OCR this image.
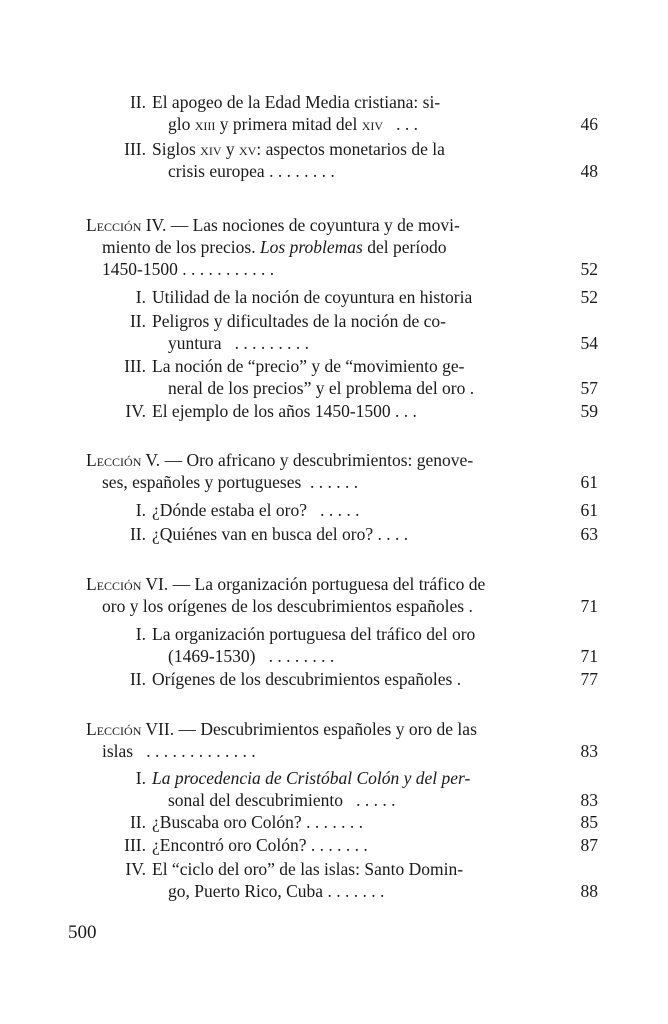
II. El apogeo de la Edad Media cristiana: si-
glo xiii y primera mitad del xiv . . .	46
III. Siglos xiv y xv: aspectos monetarios de la
crisis europea . . . . . . . .	48
Lección IV. — Las nociones de coyuntura y de movi-
miento de los precios. Los problemas del período
1450-1500 . . . . . . . . . . .	52
I. Utilidad de la noción de coyuntura en historia	52
II. Peligros y dificultades de la noción de co-
yuntura . . . . . . . . .	54
III. La noción de “precio” y de “movimiento ge-
neral de los precios” y el problema del oro .	57
IV. El ejemplo de los años 1450-1500 . . .	59
Lección V. — Oro africano y descubrimientos: genove-
ses, españoles y portugueses . . . . . .	61
I. ¿Dónde estaba el oro? . . . . .	61
II. ¿Quiénes van en busca del oro? . . . .	63
Lección VI. — La organización portuguesa del tráfico de
oro y los orígenes de los descubrimientos españoles .	71
I. La organización portuguesa del tráfico del oro
(1469-1530) . . . . . . . .	71
II. Orígenes de los descubrimientos españoles .	77
Lección VII. — Descubrimientos españoles y oro de las
islas . . . . . . . . . . . . .	83
I. La procedencia de Cristóbal Colón y del per-
sonal del descubrimiento . . . . .	83
II. ¿Buscaba oro Colón? . . . . . . .	85
III. ¿Encontró oro Colón? . . . . . . .	87
IV. El “ciclo del oro” de las islas: Santo Domin-
go, Puerto Rico, Cuba . . . . . . .	88
500
